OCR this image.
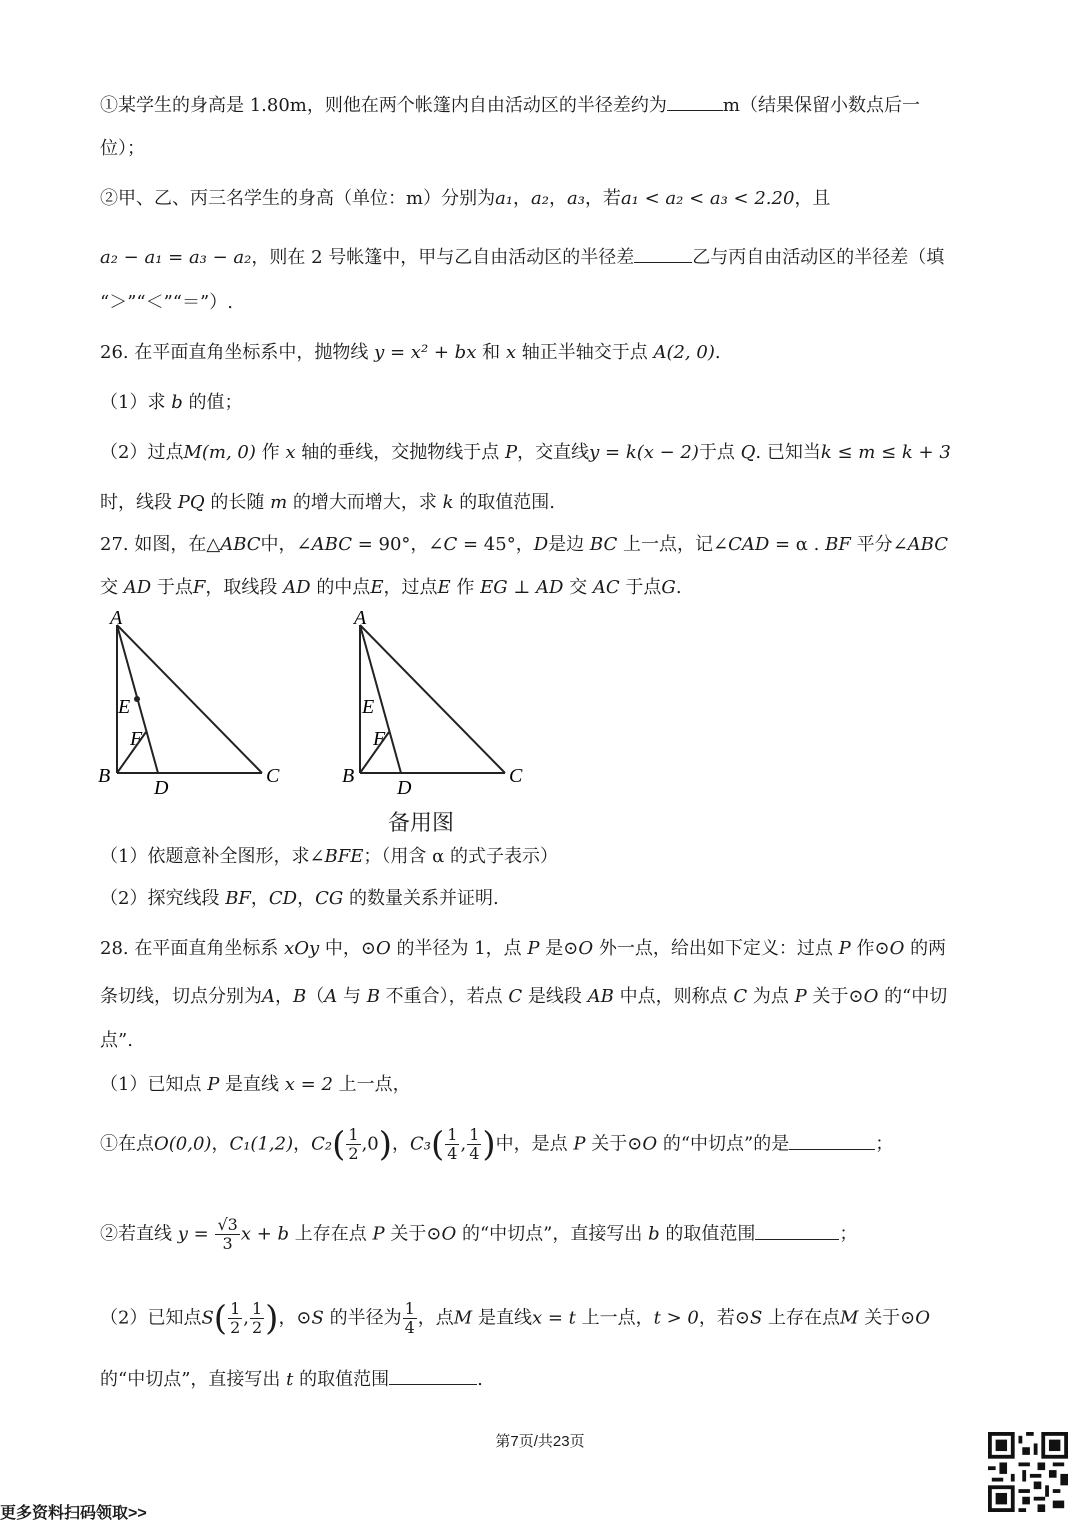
①某学生的身高是 1.80m，则他在两个帐篷内自由活动区的半径差约为	m（结果保留小数点后一
位）；
②甲、乙、丙三名学生的身高（单位：m）分别为a₁，a₂，a₃，若a₁ < a₂ < a₃ < 2.20，且
a₂ − a₁ = a₃ − a₂，则在 2 号帐篷中，甲与乙自由活动区的半径差	乙与丙自由活动区的半径差（填
“＞”“＜”“＝”）.
26. 在平面直角坐标系中，抛物线 y = x² + bx 和 x 轴正半轴交于点 A(2, 0).
（1）求 b 的值；
（2）过点M(m, 0) 作 x 轴的垂线，交抛物线于点 P，交直线y = k(x − 2)于点 Q. 已知当k ≤ m ≤ k + 3
时，线段 PQ 的长随 m 的增大而增大，求 k 的取值范围.
27. 如图，在△ABC中，∠ABC = 90°，∠C = 45°，D是边 BC 上一点，记∠CAD = α . BF 平分∠ABC
交 AD 于点F，取线段 AD 的中点E，过点E 作 EG ⊥ AD 交 AC 于点G.
A
E
F
B
D
C
A
E
F
B
D
C
备用图
（1）依题意补全图形，求∠BFE；（用含 α 的式子表示）
（2）探究线段 BF，CD，CG 的数量关系并证明.
28. 在平面直角坐标系 xOy 中，⊙O 的半径为 1，点 P 是⊙O 外一点，给出如下定义：过点 P 作⊙O 的两
条切线，切点分别为A，B（A 与 B 不重合），若点 C 是线段 AB 中点，则称点 C 为点 P 关于⊙O 的“中切
点”.
（1）已知点 P 是直线 x = 2 上一点，
①在点O(0,0)，C₁(1,2)，$C_2( \frac{1}{2} ,0)$，$C_3( \frac{1}{4}$ , $\frac{1}{4}$ )中，是点 P 关于⊙O 的“中切点”的是	；
②若直线 $y = \frac{√3}{3}$ x + b 上存在点 P 关于⊙O 的“中切点”，直接写出 b 的取值范围	；
（2）已知点$S( \frac{1}{2}$ , $\frac{1}{2}$ )，⊙S 的半径为 $\frac{1}{4}$ ，点M 是直线x = t 上一点，t > 0，若⊙S 上存在点M 关于⊙O
的“中切点”，直接写出 t 的取值范围	.
第7页/共23页
更多资料扫码领取>>
